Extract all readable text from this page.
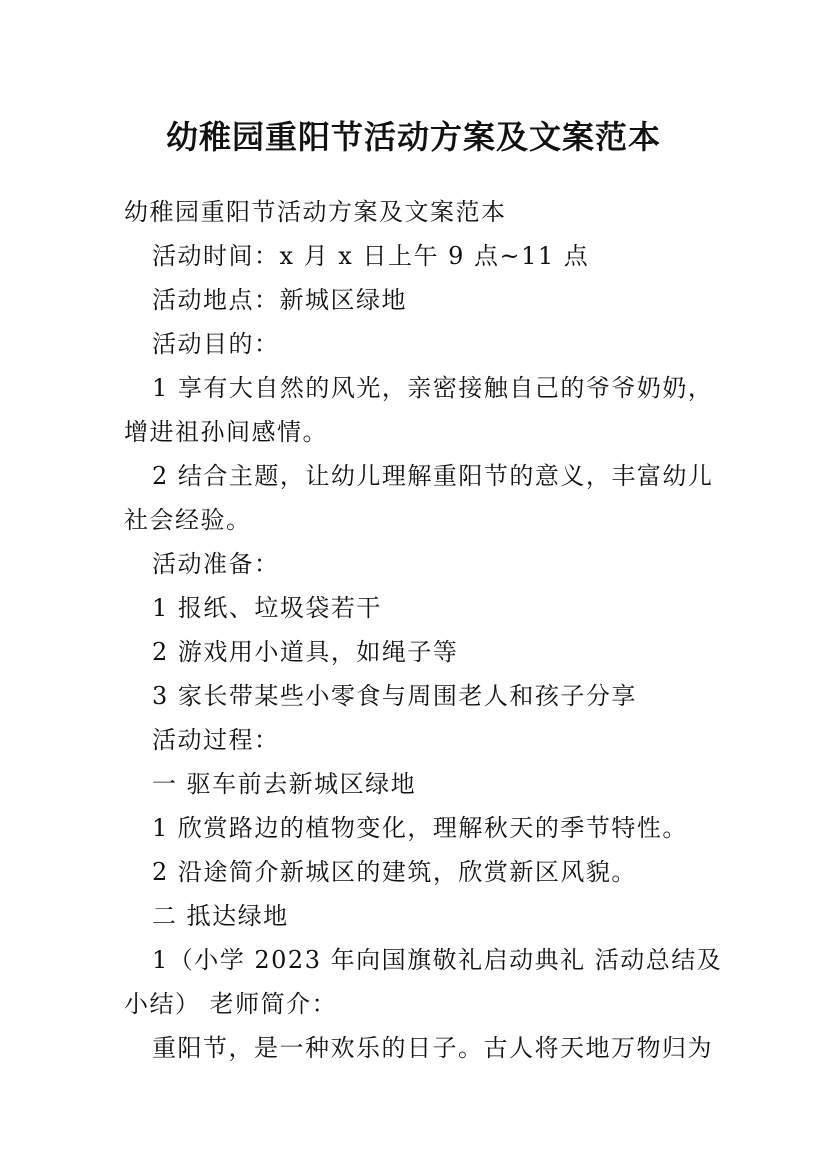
幼稚园重阳节活动方案及文案范本

幼稚园重阳节活动方案及文案范本

活动时间：x 月 x 日上午 9 点~11 点

活动地点：新城区绿地

活动目的：

1 享有大自然的风光，亲密接触自己的爷爷奶奶，

增进祖孙间感情。

2 结合主题，让幼儿理解重阳节的意义，丰富幼儿

社会经验。

活动准备：

1 报纸、垃圾袋若干

2 游戏用小道具，如绳子等

3 家长带某些小零食与周围老人和孩子分享

活动过程：

一 驱车前去新城区绿地

1 欣赏路边的植物变化，理解秋天的季节特性。

2 沿途简介新城区的建筑，欣赏新区风貌。

二 抵达绿地

1（小学 2023 年向国旗敬礼启动典礼 活动总结及

小结） 老师简介：

重阳节，是一种欢乐的日子。古人将天地万物归为
